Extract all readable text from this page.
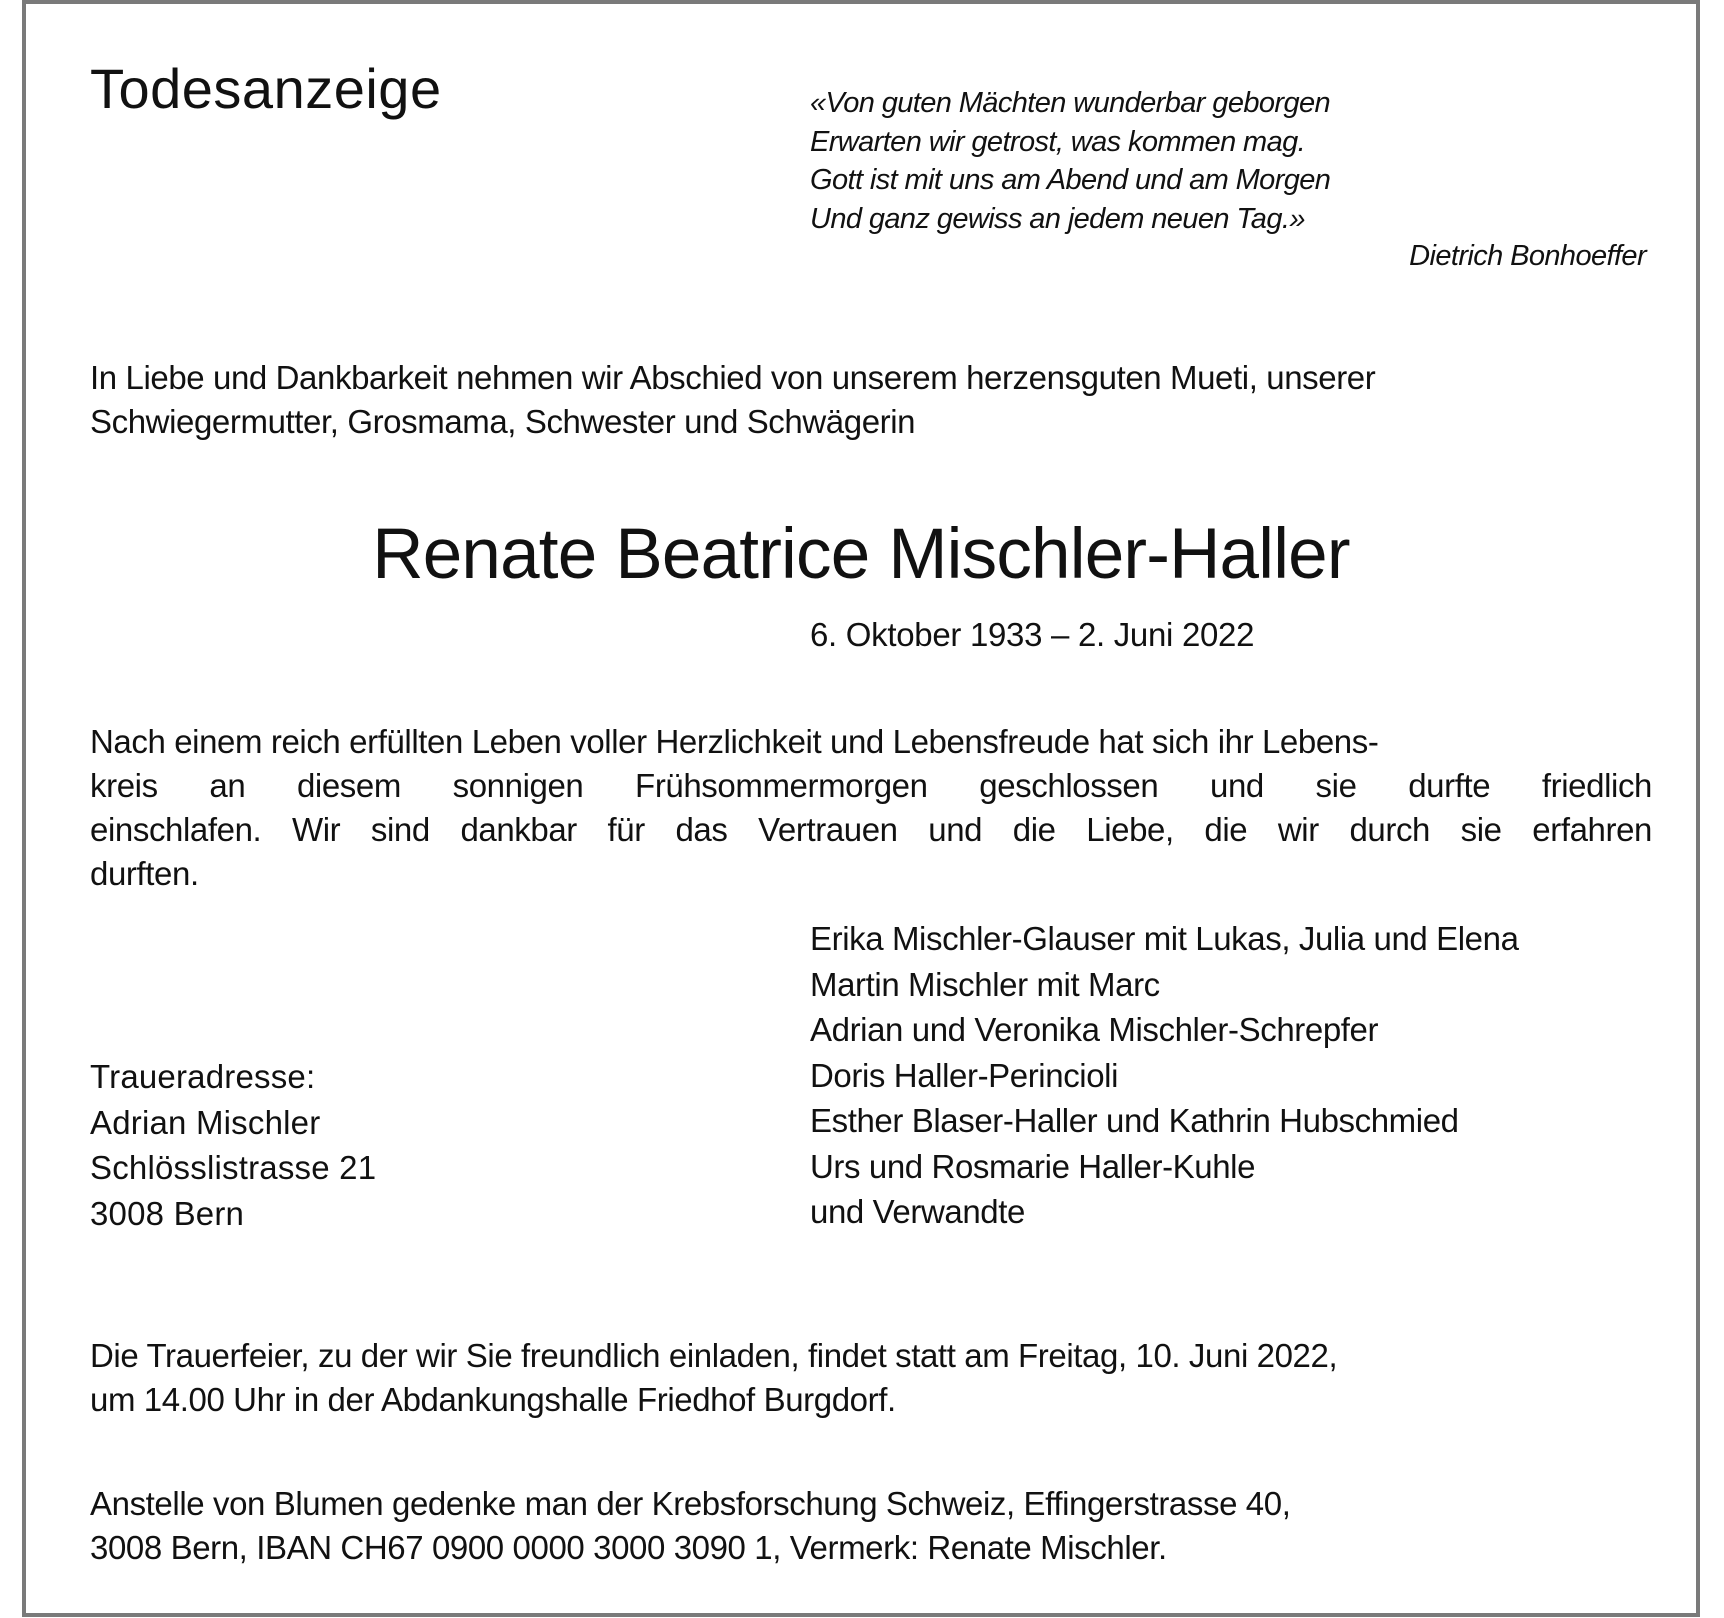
Todesanzeige	«Von guten Mächten wunderbar geborgen
Erwarten wir getrost, was kommen mag.
Gott ist mit uns am Abend und am Morgen
Und ganz gewiss an jedem neuen Tag.»
Dietrich Bonhoeffer
In Liebe und Dankbarkeit nehmen wir Abschied von unserem herzensguten Mueti, unserer
Schwiegermutter, Grosmama, Schwester und Schwägerin
Renate Beatrice Mischler-Haller
6. Oktober 1933 – 2. Juni 2022
Nach einem reich erfüllten Leben voller Herzlichkeit und Lebensfreude hat sich ihr Lebens-
kreis an diesem sonnigen Frühsommermorgen geschlossen und sie durfte friedlich
einschlafen. Wir sind dankbar für das Vertrauen und die Liebe, die wir durch sie erfahren
durften.
Erika Mischler-Glauser mit Lukas, Julia und Elena
Martin Mischler mit Marc
Adrian und Veronika Mischler-Schrepfer
Doris Haller-Perincioli
Esther Blaser-Haller und Kathrin Hubschmied
Urs und Rosmarie Haller-Kuhle
und Verwandte
Traueradresse:
Adrian Mischler
Schlösslistrasse 21
3008 Bern
Die Trauerfeier, zu der wir Sie freundlich einladen, findet statt am Freitag, 10. Juni 2022,
um 14.00 Uhr in der Abdankungshalle Friedhof Burgdorf.
Anstelle von Blumen gedenke man der Krebsforschung Schweiz, Effingerstrasse 40,
3008 Bern, IBAN CH67 0900 0000 3000 3090 1, Vermerk: Renate Mischler.
